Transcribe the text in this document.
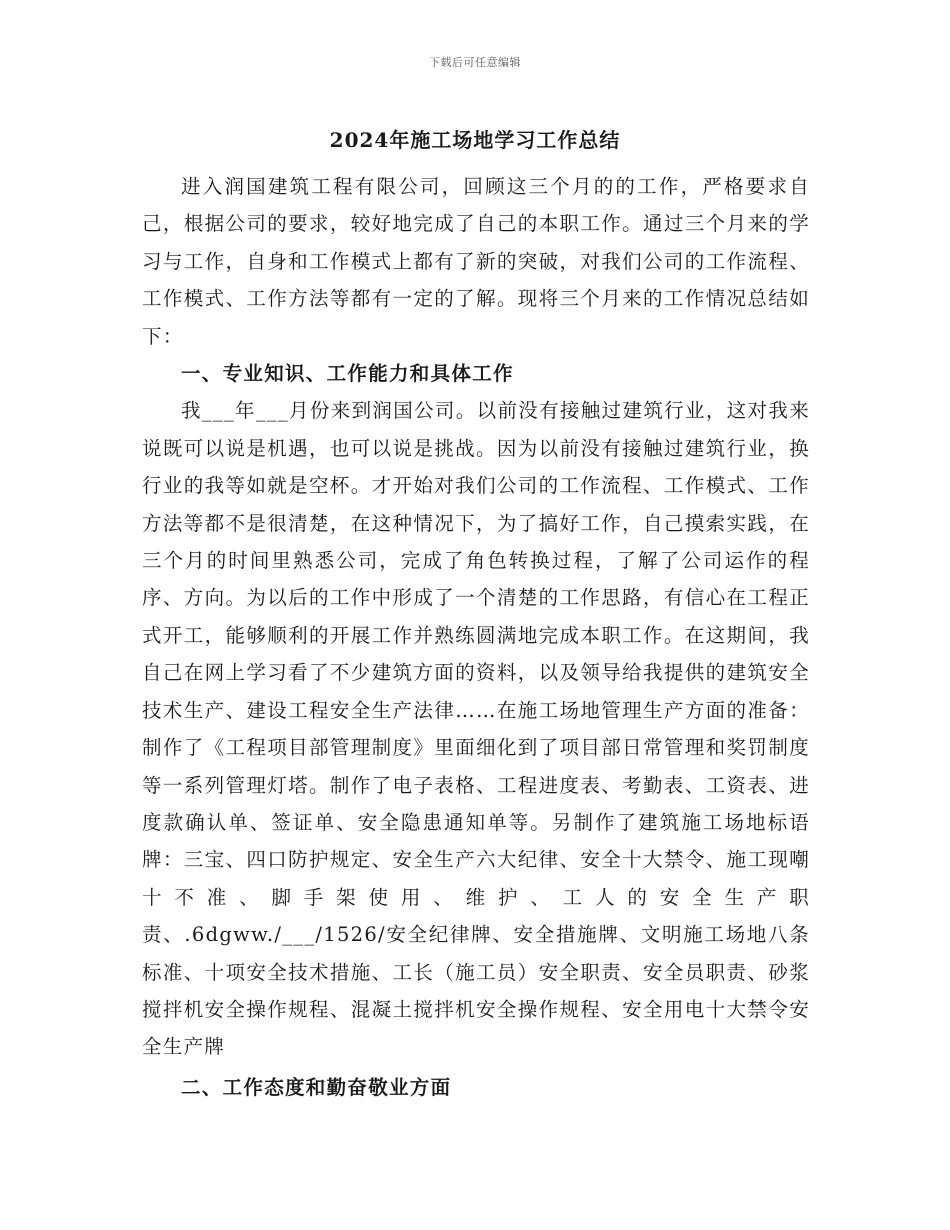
下载后可任意编辑
2024年施工场地学习工作总结

进入润国建筑工程有限公司，回顾这三个月的的工作，严格要求自己，根据公司的要求，较好地完成了自己的本职工作。通过三个月来的学习与工作，自身和工作模式上都有了新的突破，对我们公司的工作流程、工作模式、工作方法等都有一定的了解。现将三个月来的工作情况总结如下：

一、专业知识、工作能力和具体工作

我___年___月份来到润国公司。以前没有接触过建筑行业，这对我来说既可以说是机遇，也可以说是挑战。因为以前没有接触过建筑行业，换行业的我等如就是空杯。才开始对我们公司的工作流程、工作模式、工作方法等都不是很清楚，在这种情况下，为了搞好工作，自己摸索实践，在三个月的时间里熟悉公司，完成了角色转换过程，了解了公司运作的程序、方向。为以后的工作中形成了一个清楚的工作思路，有信心在工程正式开工，能够顺利的开展工作并熟练圆满地完成本职工作。在这期间，我自己在网上学习看了不少建筑方面的资料，以及领导给我提供的建筑安全技术生产、建设工程安全生产法律……在施工场地管理生产方面的准备：制作了《工程项目部管理制度》里面细化到了项目部日常管理和奖罚制度等一系列管理灯塔。制作了电子表格、工程进度表、考勤表、工资表、进度款确认单、签证单、安全隐患通知单等。另制作了建筑施工场地标语牌：三宝、四口防护规定、安全生产六大纪律、安全十大禁令、施工现嘲十不准、脚手架使用、维护、工人的安全生产职责、.6dgww./___/1526/安全纪律牌、安全措施牌、文明施工场地八条标准、十项安全技术措施、工长（施工员）安全职责、安全员职责、砂浆搅拌机安全操作规程、混凝土搅拌机安全操作规程、安全用电十大禁令安全生产牌

二、工作态度和勤奋敬业方面
